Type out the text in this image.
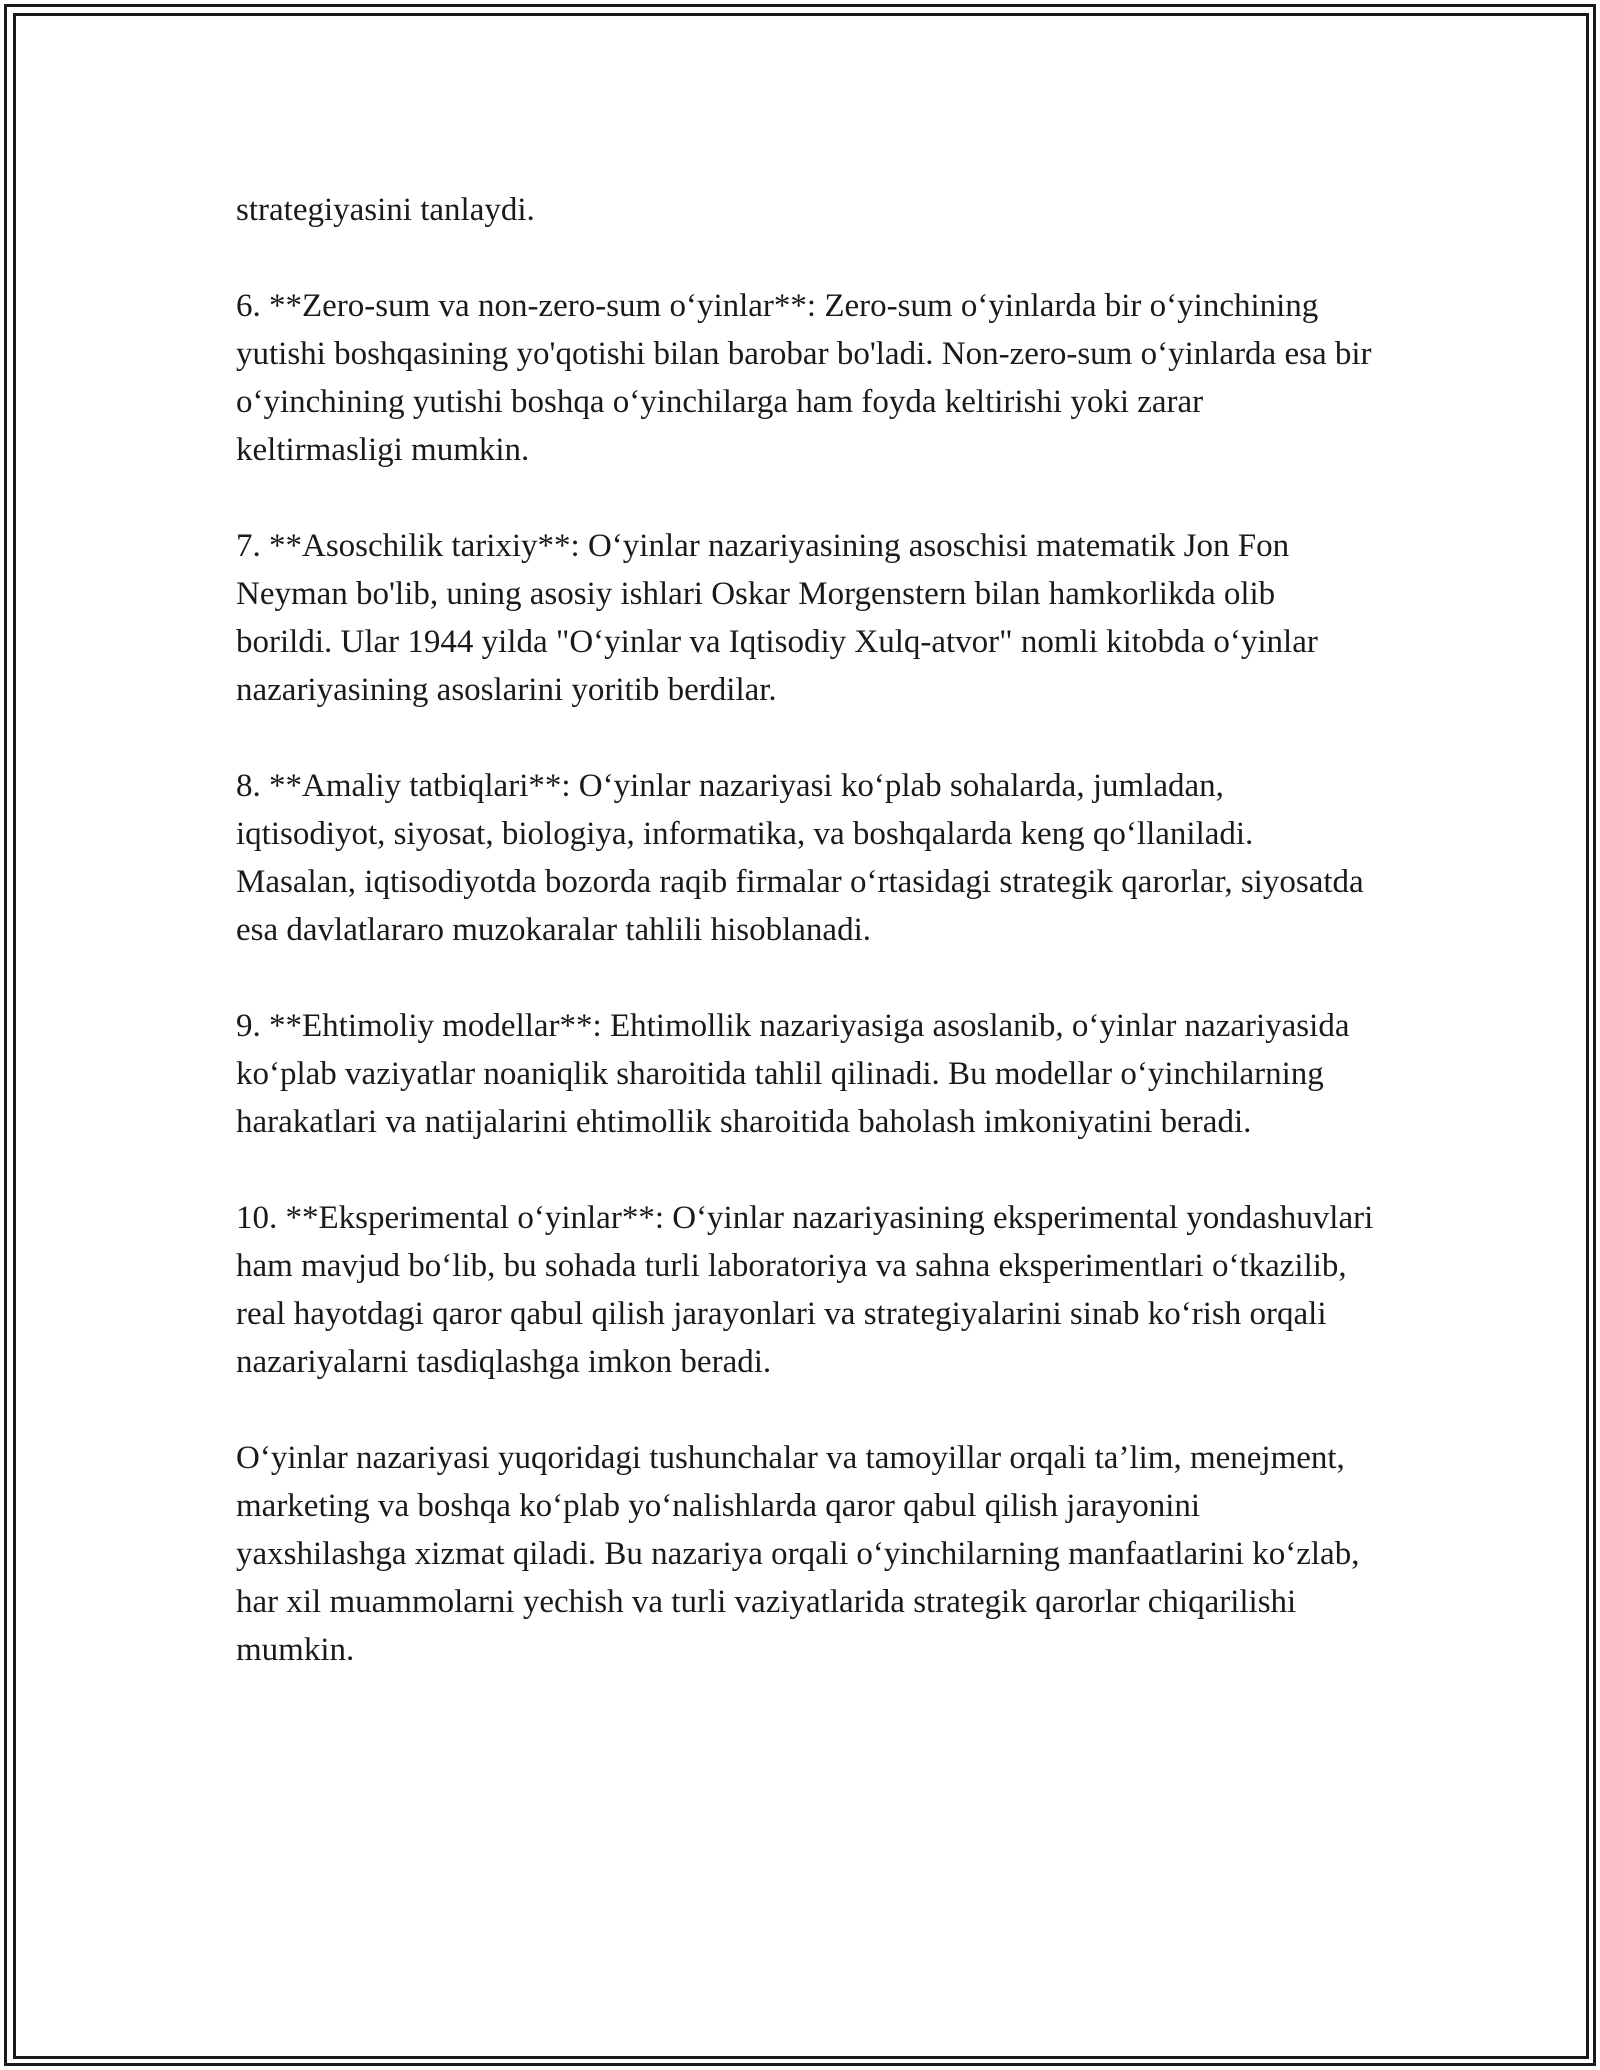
strategiyasini tanlaydi.

6. **Zero-sum va non-zero-sum o‘yinlar**: Zero-sum o‘yinlarda bir o‘yinchining yutishi boshqasining yo'qotishi bilan barobar bo'ladi. Non-zero-sum o‘yinlarda esa bir o‘yinchining yutishi boshqa o‘yinchilarga ham foyda keltirishi yoki zarar keltirmasligi mumkin.

7. **Asoschilik tarixiy**: O‘yinlar nazariyasining asoschisi matematik Jon Fon Neyman bo'lib, uning asosiy ishlari Oskar Morgenstern bilan hamkorlikda olib borildi. Ular 1944 yilda "O‘yinlar va Iqtisodiy Xulq-atvor" nomli kitobda o‘yinlar nazariyasining asoslarini yoritib berdilar.

8. **Amaliy tatbiqlari**: O‘yinlar nazariyasi ko‘plab sohalarda, jumladan, iqtisodiyot, siyosat, biologiya, informatika, va boshqalarda keng qo‘llaniladi. Masalan, iqtisodiyotda bozorda raqib firmalar o‘rtasidagi strategik qarorlar, siyosatda esa davlatlararo muzokaralar tahlili hisoblanadi.

9. **Ehtimoliy modellar**: Ehtimollik nazariyasiga asoslanib, o‘yinlar nazariyasida ko‘plab vaziyatlar noaniqlik sharoitida tahlil qilinadi. Bu modellar o‘yinchilarning harakatlari va natijalarini ehtimollik sharoitida baholash imkoniyatini beradi.

10. **Eksperimental o‘yinlar**: O‘yinlar nazariyasining eksperimental yondashuvlari ham mavjud bo‘lib, bu sohada turli laboratoriya va sahna eksperimentlari o‘tkazilib, real hayotdagi qaror qabul qilish jarayonlari va strategiyalarini sinab ko‘rish orqali nazariyalarni tasdiqlashga imkon beradi.

O‘yinlar nazariyasi yuqoridagi tushunchalar va tamoyillar orqali ta’lim, menejment, marketing va boshqa ko‘plab yo‘nalishlarda qaror qabul qilish jarayonini yaxshilashga xizmat qiladi. Bu nazariya orqali o‘yinchilarning manfaatlarini ko‘zlab, har xil muammolarni yechish va turli vaziyatlarida strategik qarorlar chiqarilishi mumkin.
